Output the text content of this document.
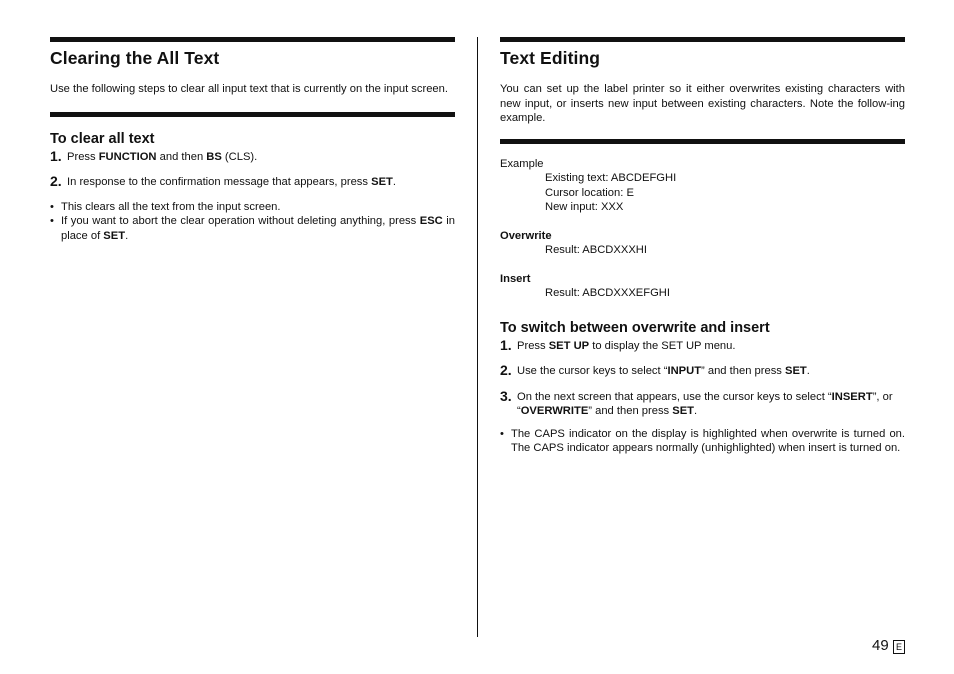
Clearing the All Text

Use the following steps to clear all input text that is currently on the input screen.

To clear all text

1. Press FUNCTION and then BS (CLS).

2. In response to the confirmation message that appears, press SET.

• This clears all the text from the input screen.

• If you want to abort the clear operation without deleting anything, press ESC in place of SET.

Text Editing

You can set up the label printer so it either overwrites existing characters with new input, or inserts new input between existing characters. Note the follow-ing example.

Example

Existing text: ABCDEFGHI

Cursor location: E

New input: XXX

Overwrite

Result: ABCDXXXHI

Insert

Result: ABCDXXXEFGHI

To switch between overwrite and insert

1. Press SET UP to display the SET UP menu.

2. Use the cursor keys to select “INPUT” and then press SET.

3. On the next screen that appears, use the cursor keys to select “INSERT”, or “OVERWRITE” and then press SET.

• The CAPS indicator on the display is highlighted when overwrite is turned on. The CAPS indicator appears normally (unhighlighted) when insert is turned on.

49 E
